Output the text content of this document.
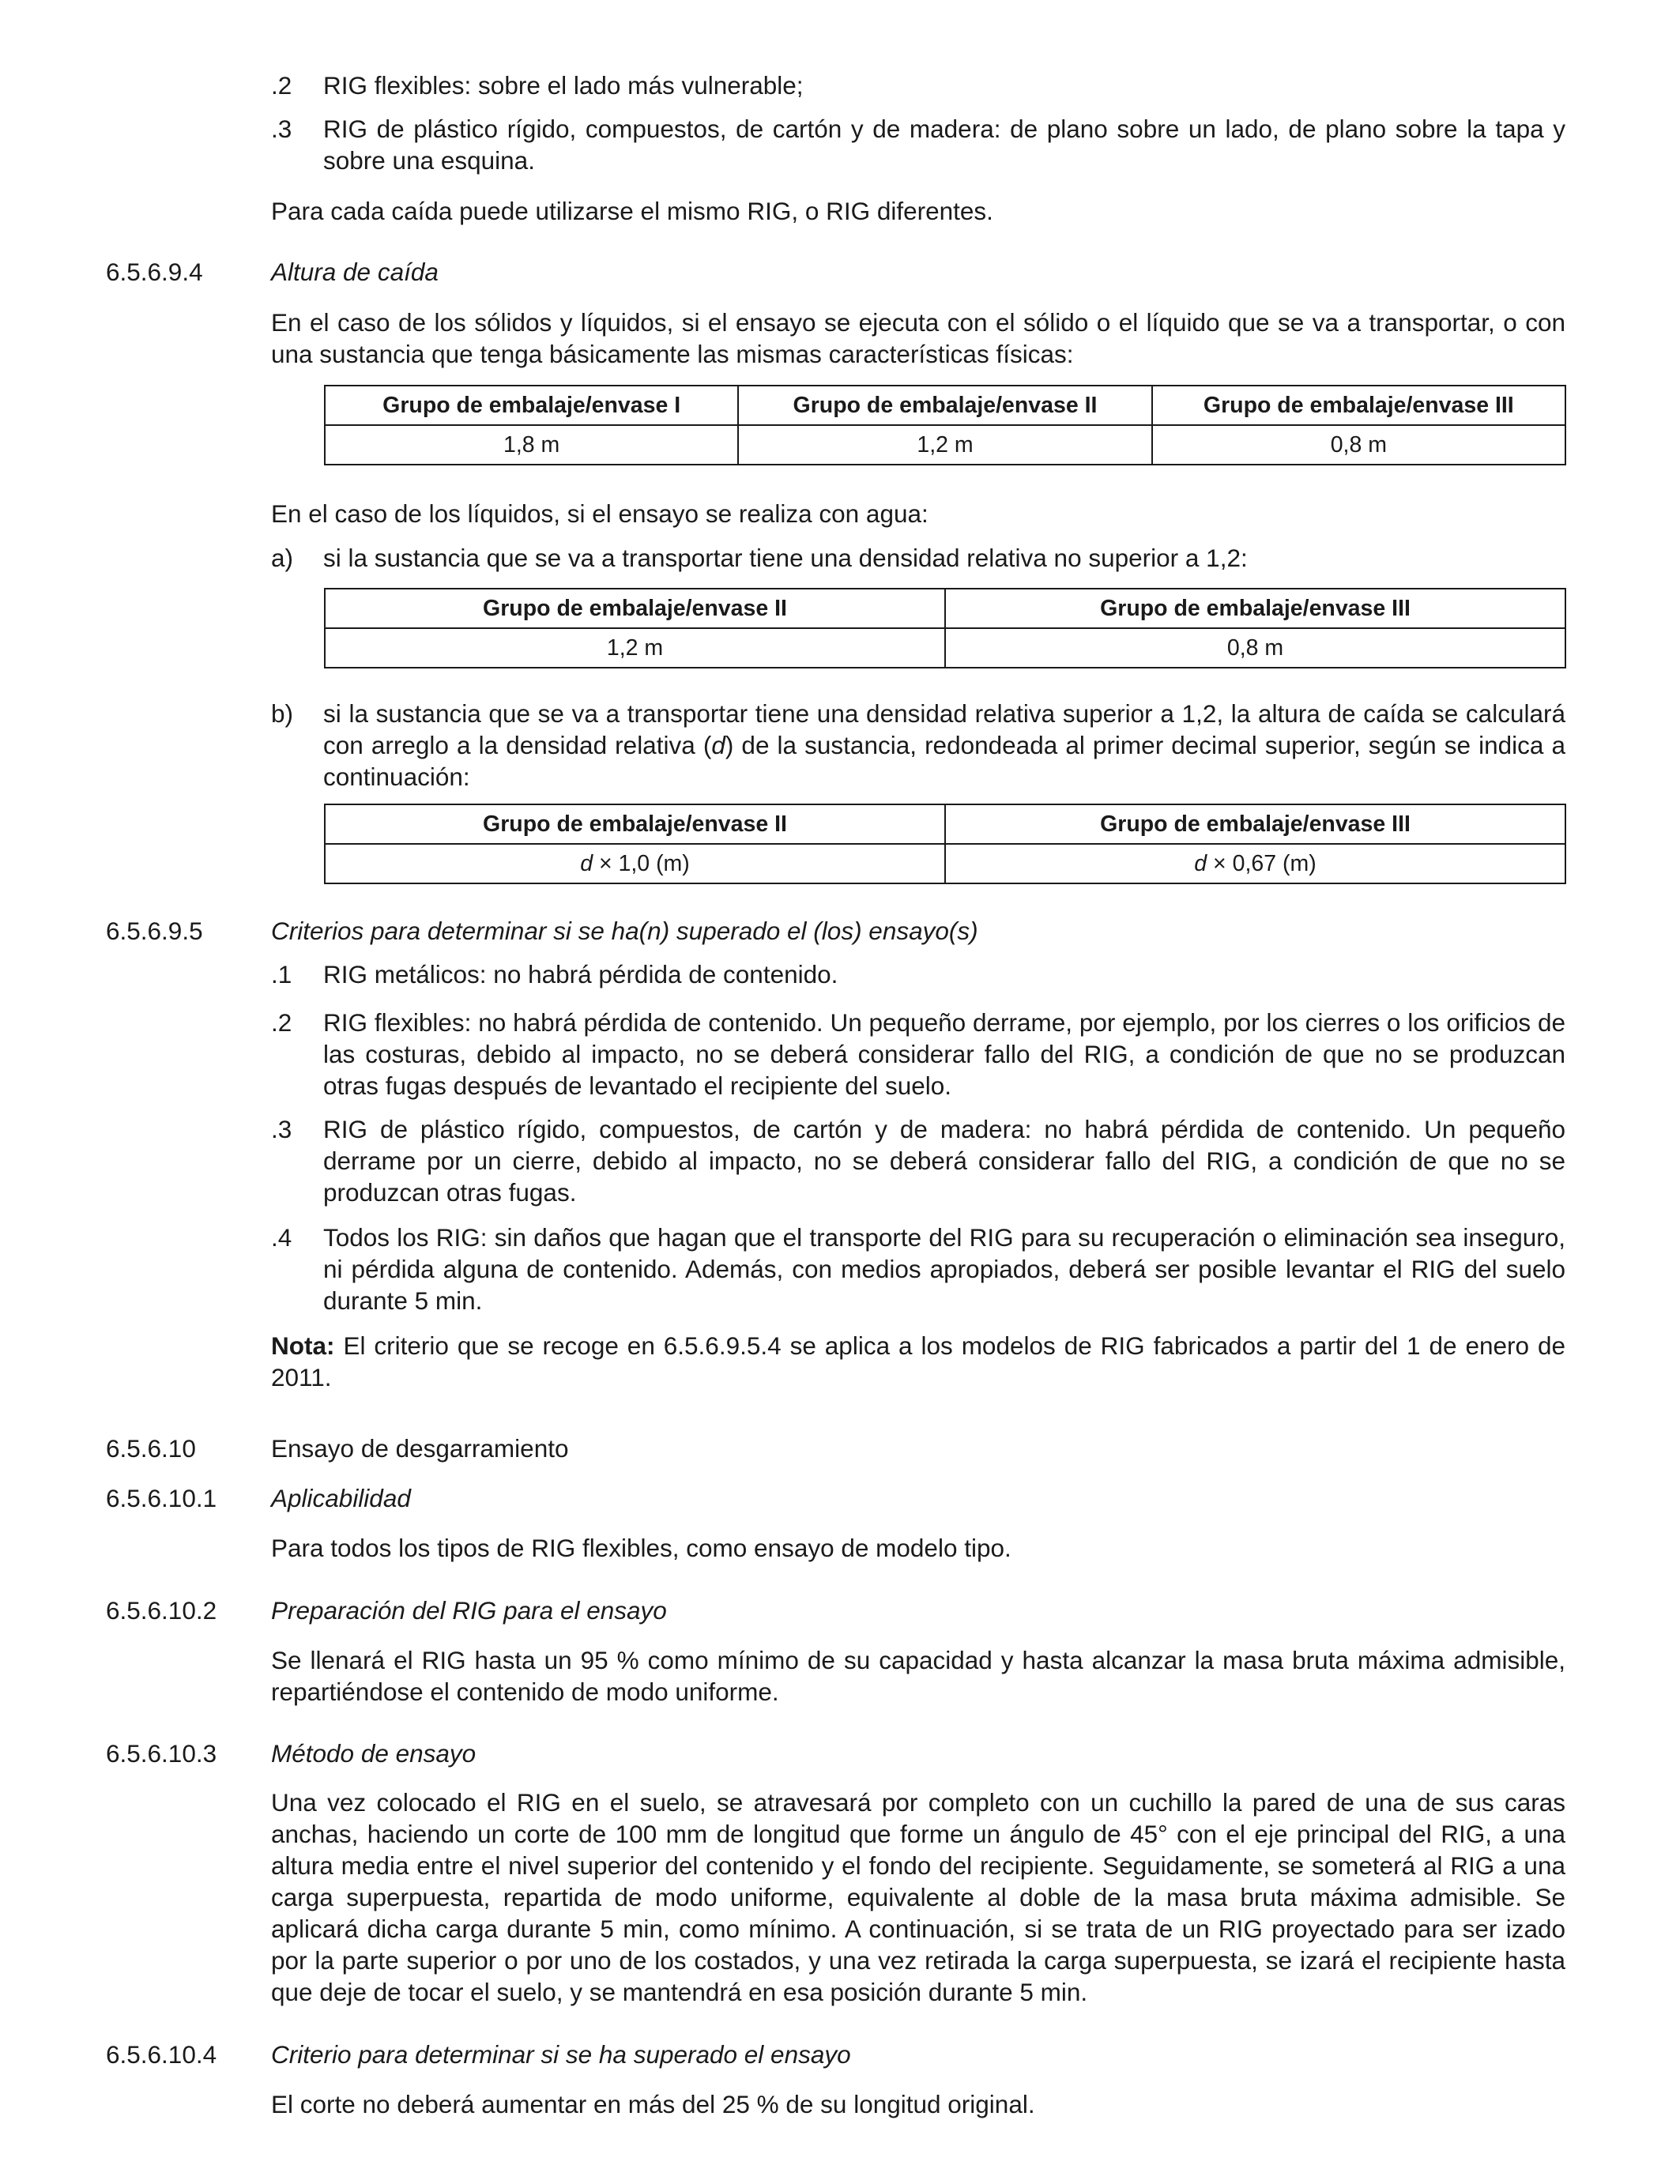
.2 RIG flexibles: sobre el lado más vulnerable;
.3 RIG de plástico rígido, compuestos, de cartón y de madera: de plano sobre un lado, de plano sobre la tapa y sobre una esquina.
Para cada caída puede utilizarse el mismo RIG, o RIG diferentes.
6.5.6.9.4	Altura de caída
En el caso de los sólidos y líquidos, si el ensayo se ejecuta con el sólido o el líquido que se va a transportar, o con una sustancia que tenga básicamente las mismas características físicas:
Grupo de embalaje/envase I	Grupo de embalaje/envase II	Grupo de embalaje/envase III
1,8 m	1,2 m	0,8 m
En el caso de los líquidos, si el ensayo se realiza con agua:
a) si la sustancia que se va a transportar tiene una densidad relativa no superior a 1,2:
Grupo de embalaje/envase II	Grupo de embalaje/envase III
1,2 m	0,8 m
b) si la sustancia que se va a transportar tiene una densidad relativa superior a 1,2, la altura de caída se calculará con arreglo a la densidad relativa (d) de la sustancia, redondeada al primer decimal superior, según se indica a continuación:
Grupo de embalaje/envase II	Grupo de embalaje/envase III
d × 1,0 (m)	d × 0,67 (m)
6.5.6.9.5	Criterios para determinar si se ha(n) superado el (los) ensayo(s)
.1 RIG metálicos: no habrá pérdida de contenido.
.2 RIG flexibles: no habrá pérdida de contenido. Un pequeño derrame, por ejemplo, por los cierres o los orificios de las costuras, debido al impacto, no se deberá considerar fallo del RIG, a condición de que no se produzcan otras fugas después de levantado el recipiente del suelo.
.3 RIG de plástico rígido, compuestos, de cartón y de madera: no habrá pérdida de contenido. Un pequeño derrame por un cierre, debido al impacto, no se deberá considerar fallo del RIG, a condición de que no se produzcan otras fugas.
.4 Todos los RIG: sin daños que hagan que el transporte del RIG para su recuperación o eliminación sea inseguro, ni pérdida alguna de contenido. Además, con medios apropiados, deberá ser posible levantar el RIG del suelo durante 5 min.
Nota: El criterio que se recoge en 6.5.6.9.5.4 se aplica a los modelos de RIG fabricados a partir del 1 de enero de 2011.
6.5.6.10	Ensayo de desgarramiento
6.5.6.10.1 Aplicabilidad
Para todos los tipos de RIG flexibles, como ensayo de modelo tipo.
6.5.6.10.2 Preparación del RIG para el ensayo
Se llenará el RIG hasta un 95 % como mínimo de su capacidad y hasta alcanzar la masa bruta máxima admisible, repartiéndose el contenido de modo uniforme.
6.5.6.10.3 Método de ensayo
Una vez colocado el RIG en el suelo, se atravesará por completo con un cuchillo la pared de una de sus caras anchas, haciendo un corte de 100 mm de longitud que forme un ángulo de 45° con el eje principal del RIG, a una altura media entre el nivel superior del contenido y el fondo del recipiente. Seguidamente, se someterá al RIG a una carga superpuesta, repartida de modo uniforme, equivalente al doble de la masa bruta máxima admisible. Se aplicará dicha carga durante 5 min, como mínimo. A continuación, si se trata de un RIG proyectado para ser izado por la parte superior o por uno de los costados, y una vez retirada la carga superpuesta, se izará el recipiente hasta que deje de tocar el suelo, y se mantendrá en esa posición durante 5 min.
6.5.6.10.4 Criterio para determinar si se ha superado el ensayo
El corte no deberá aumentar en más del 25 % de su longitud original.
